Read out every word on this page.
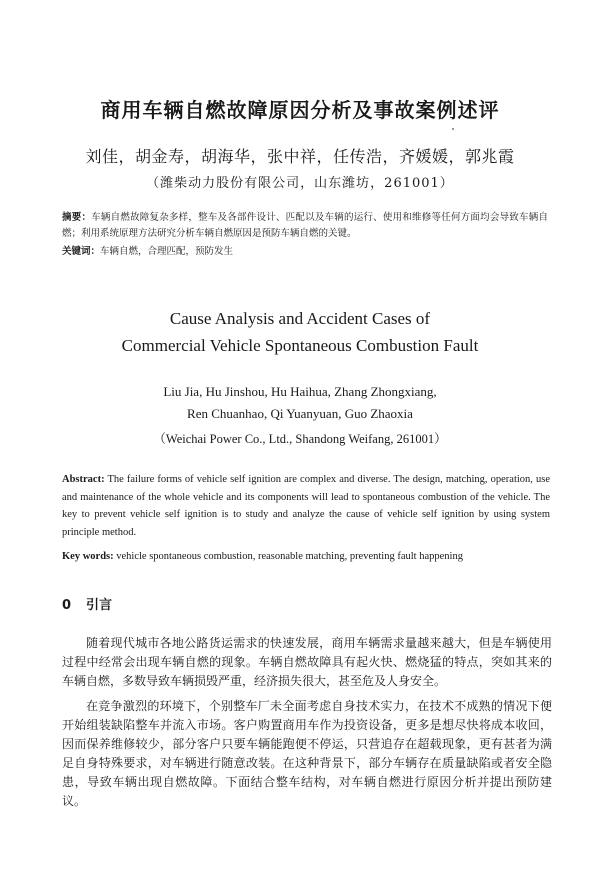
商用车辆自燃故障原因分析及事故案例述评
刘佳，胡金寿，胡海华，张中祥，任传浩，齐媛媛，郭兆霞
（潍柴动力股份有限公司，山东潍坊，261001）
摘要：车辆自燃故障复杂多样，整车及各部件设计、匹配以及车辆的运行、使用和维修等任何方面均会导致车辆自燃；利用系统原理方法研究分析车辆自燃原因是预防车辆自燃的关键。
关键词：车辆自燃，合理匹配，预防发生
Cause Analysis and Accident Cases of
Commercial Vehicle Spontaneous Combustion Fault
Liu Jia, Hu Jinshou, Hu Haihua, Zhang Zhongxiang,
Ren Chuanhao, Qi Yuanyuan, Guo Zhaoxia
（Weichai Power Co., Ltd., Shandong Weifang, 261001）
Abstract: The failure forms of vehicle self ignition are complex and diverse. The design, matching, operation, use and maintenance of the whole vehicle and its components will lead to spontaneous combustion of the vehicle. The key to prevent vehicle self ignition is to study and analyze the cause of vehicle self ignition by using system principle method.
Key words: vehicle spontaneous combustion, reasonable matching, preventing fault happening
0 引言
随着现代城市各地公路货运需求的快速发展，商用车辆需求量越来越大，但是车辆使用过程中经常会出现车辆自燃的现象。车辆自燃故障具有起火快、燃烧猛的特点，突如其来的车辆自燃，多数导致车辆损毁严重，经济损失很大，甚至危及人身安全。
在竞争激烈的环境下，个别整车厂未全面考虑自身技术实力，在技术不成熟的情况下便开始组装缺陷整车并流入市场。客户购置商用车作为投资设备，更多是想尽快将成本收回，因而保养维修较少，部分客户只要车辆能跑便不停运，只营追存在超载现象，更有甚者为满足自身特殊要求，对车辆进行随意改装。在这种背景下，部分车辆存在质量缺陷或者安全隐患，导致车辆出现自燃故障。下面结合整车结构，对车辆自燃进行原因分析并提出预防建议。
